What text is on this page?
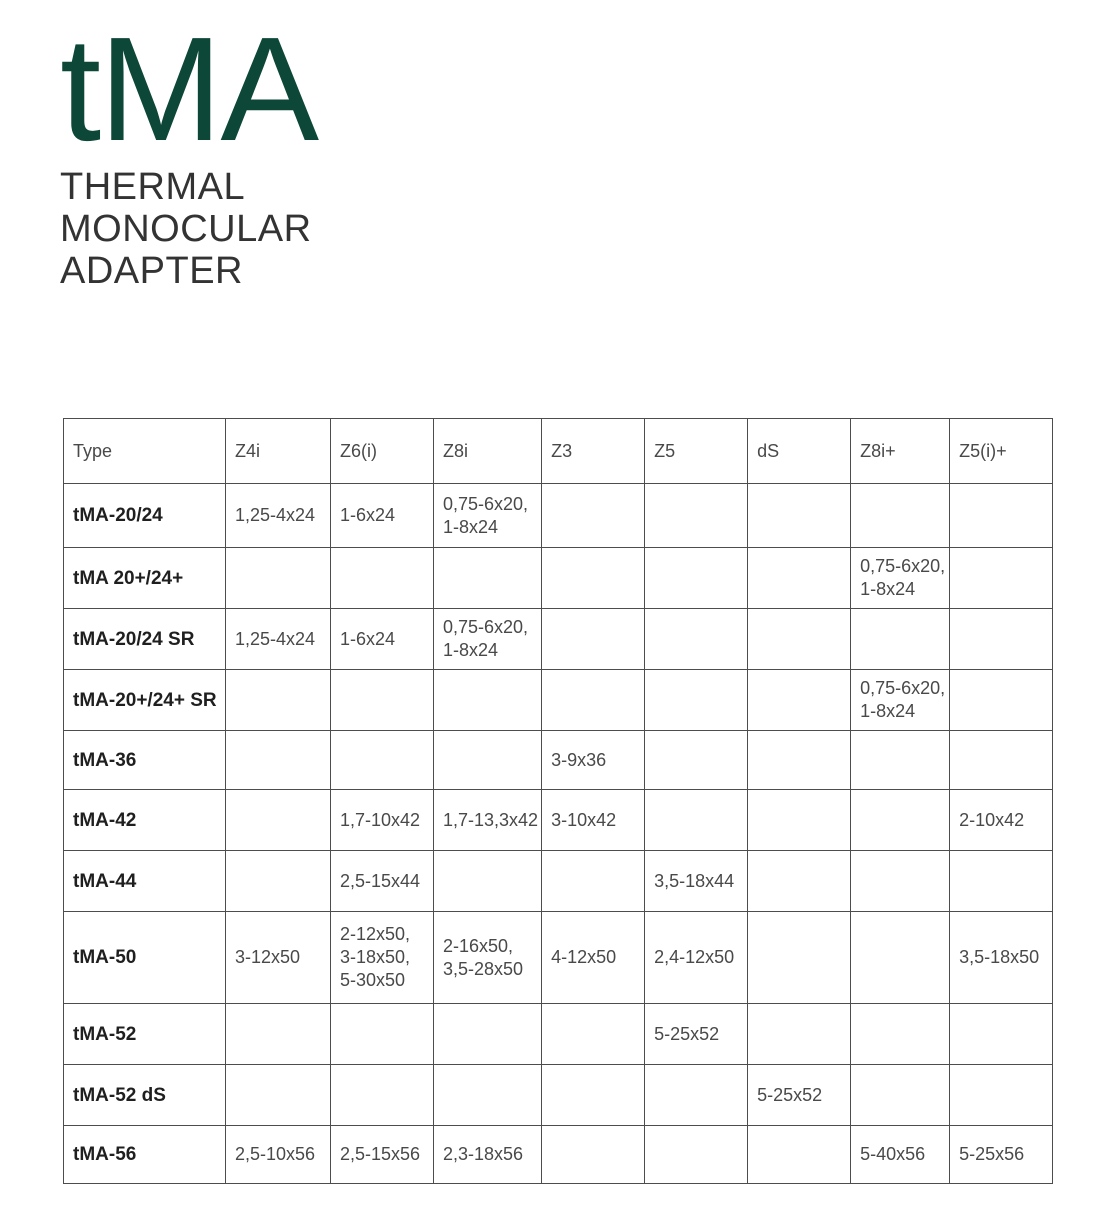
tMA
THERMAL
MONOCULAR
ADAPTER
Type	Z4i	Z6(i)	Z8i	Z3	Z5	dS	Z8i+	Z5(i)+
tMA-20/24	1,25-4x24	1-6x24	0,75-6x20, 1-8x24					
tMA 20+/24+							0,75-6x20, 1-8x24	
tMA-20/24 SR	1,25-4x24	1-6x24	0,75-6x20, 1-8x24					
tMA-20+/24+ SR							0,75-6x20, 1-8x24	
tMA-36				3-9x36				
tMA-42		1,7-10x42	1,7-13,3x42	3-10x42				2-10x42
tMA-44		2,5-15x44			3,5-18x44			
tMA-50	3-12x50	2-12x50, 3-18x50, 5-30x50	2-16x50, 3,5-28x50	4-12x50	2,4-12x50			3,5-18x50
tMA-52					5-25x52			
tMA-52 dS						5-25x52		
tMA-56	2,5-10x56	2,5-15x56	2,3-18x56				5-40x56	5-25x56
